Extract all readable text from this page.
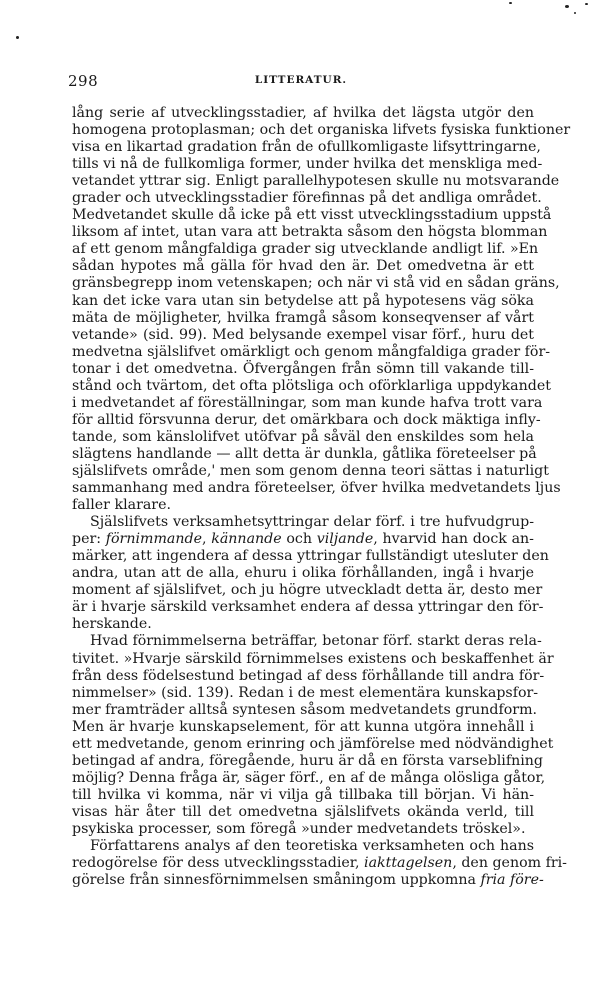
298	LITTERATUR.
lång serie af utvecklingsstadier, af hvilka det lägsta utgör den
homogena protoplasman; och det organiska lifvets fysiska funktioner
visa en likartad gradation från de ofullkomligaste lifsyttringarne,
tills vi nå de fullkomliga former, under hvilka det menskliga med-
vetandet yttrar sig. Enligt parallelhypotesen skulle nu motsvarande
grader och utvecklingsstadier förefinnas på det andliga området.
Medvetandet skulle då icke på ett visst utvecklingsstadium uppstå
liksom af intet, utan vara att betrakta såsom den högsta blomman
af ett genom mångfaldiga grader sig utvecklande andligt lif. »En
sådan hypotes må gälla för hvad den är. Det omedvetna är ett
gränsbegrepp inom vetenskapen; och när vi stå vid en sådan gräns,
kan det icke vara utan sin betydelse att på hypotesens väg söka
mäta de möjligheter, hvilka framgå såsom konseqvenser af vårt
vetande» (sid. 99). Med belysande exempel visar förf., huru det
medvetna själslifvet omärkligt och genom mångfaldiga grader för-
tonar i det omedvetna. Öfvergången från sömn till vakande till-
stånd och tvärtom, det ofta plötsliga och oförklarliga uppdykandet
i medvetandet af föreställningar, som man kunde hafva trott vara
för alltid försvunna derur, det omärkbara och dock mäktiga infly-
tande, som känslolifvet utöfvar på såväl den enskildes som hela
slägtens handlande — allt detta är dunkla, gåtlika företeelser på
själslifvets område,' men som genom denna teori sättas i naturligt
sammanhang med andra företeelser, öfver hvilka medvetandets ljus
faller klarare.
Själslifvets verksamhetsyttringar delar förf. i tre hufvudgrup-
per: förnimmande, kännande och viljande, hvarvid han dock an-
märker, att ingendera af dessa yttringar fullständigt utesluter den
andra, utan att de alla, ehuru i olika förhållanden, ingå i hvarje
moment af själslifvet, och ju högre utveckladt detta är, desto mer
är i hvarje särskild verksamhet endera af dessa yttringar den för-
herskande.
Hvad förnimmelserna beträffar, betonar förf. starkt deras rela-
tivitet. »Hvarje särskild förnimmelses existens och beskaffenhet är
från dess födelsestund betingad af dess förhållande till andra för-
nimmelser» (sid. 139). Redan i de mest elementära kunskapsfor-
mer framträder alltså syntesen såsom medvetandets grundform.
Men är hvarje kunskapselement, för att kunna utgöra innehåll i
ett medvetande, genom erinring och jämförelse med nödvändighet
betingad af andra, föregående, huru är då en första varseblifning
möjlig? Denna fråga är, säger förf., en af de många olösliga gåtor,
till hvilka vi komma, när vi vilja gå tillbaka till början. Vi hän-
visas här åter till det omedvetna själslifvets okända verld, till
psykiska processer, som föregå »under medvetandets tröskel».
Författarens analys af den teoretiska verksamheten och hans
redogörelse för dess utvecklingsstadier, iakttagelsen, den genom fri-
görelse från sinnesförnimmelsen småningom uppkomna fria före-
